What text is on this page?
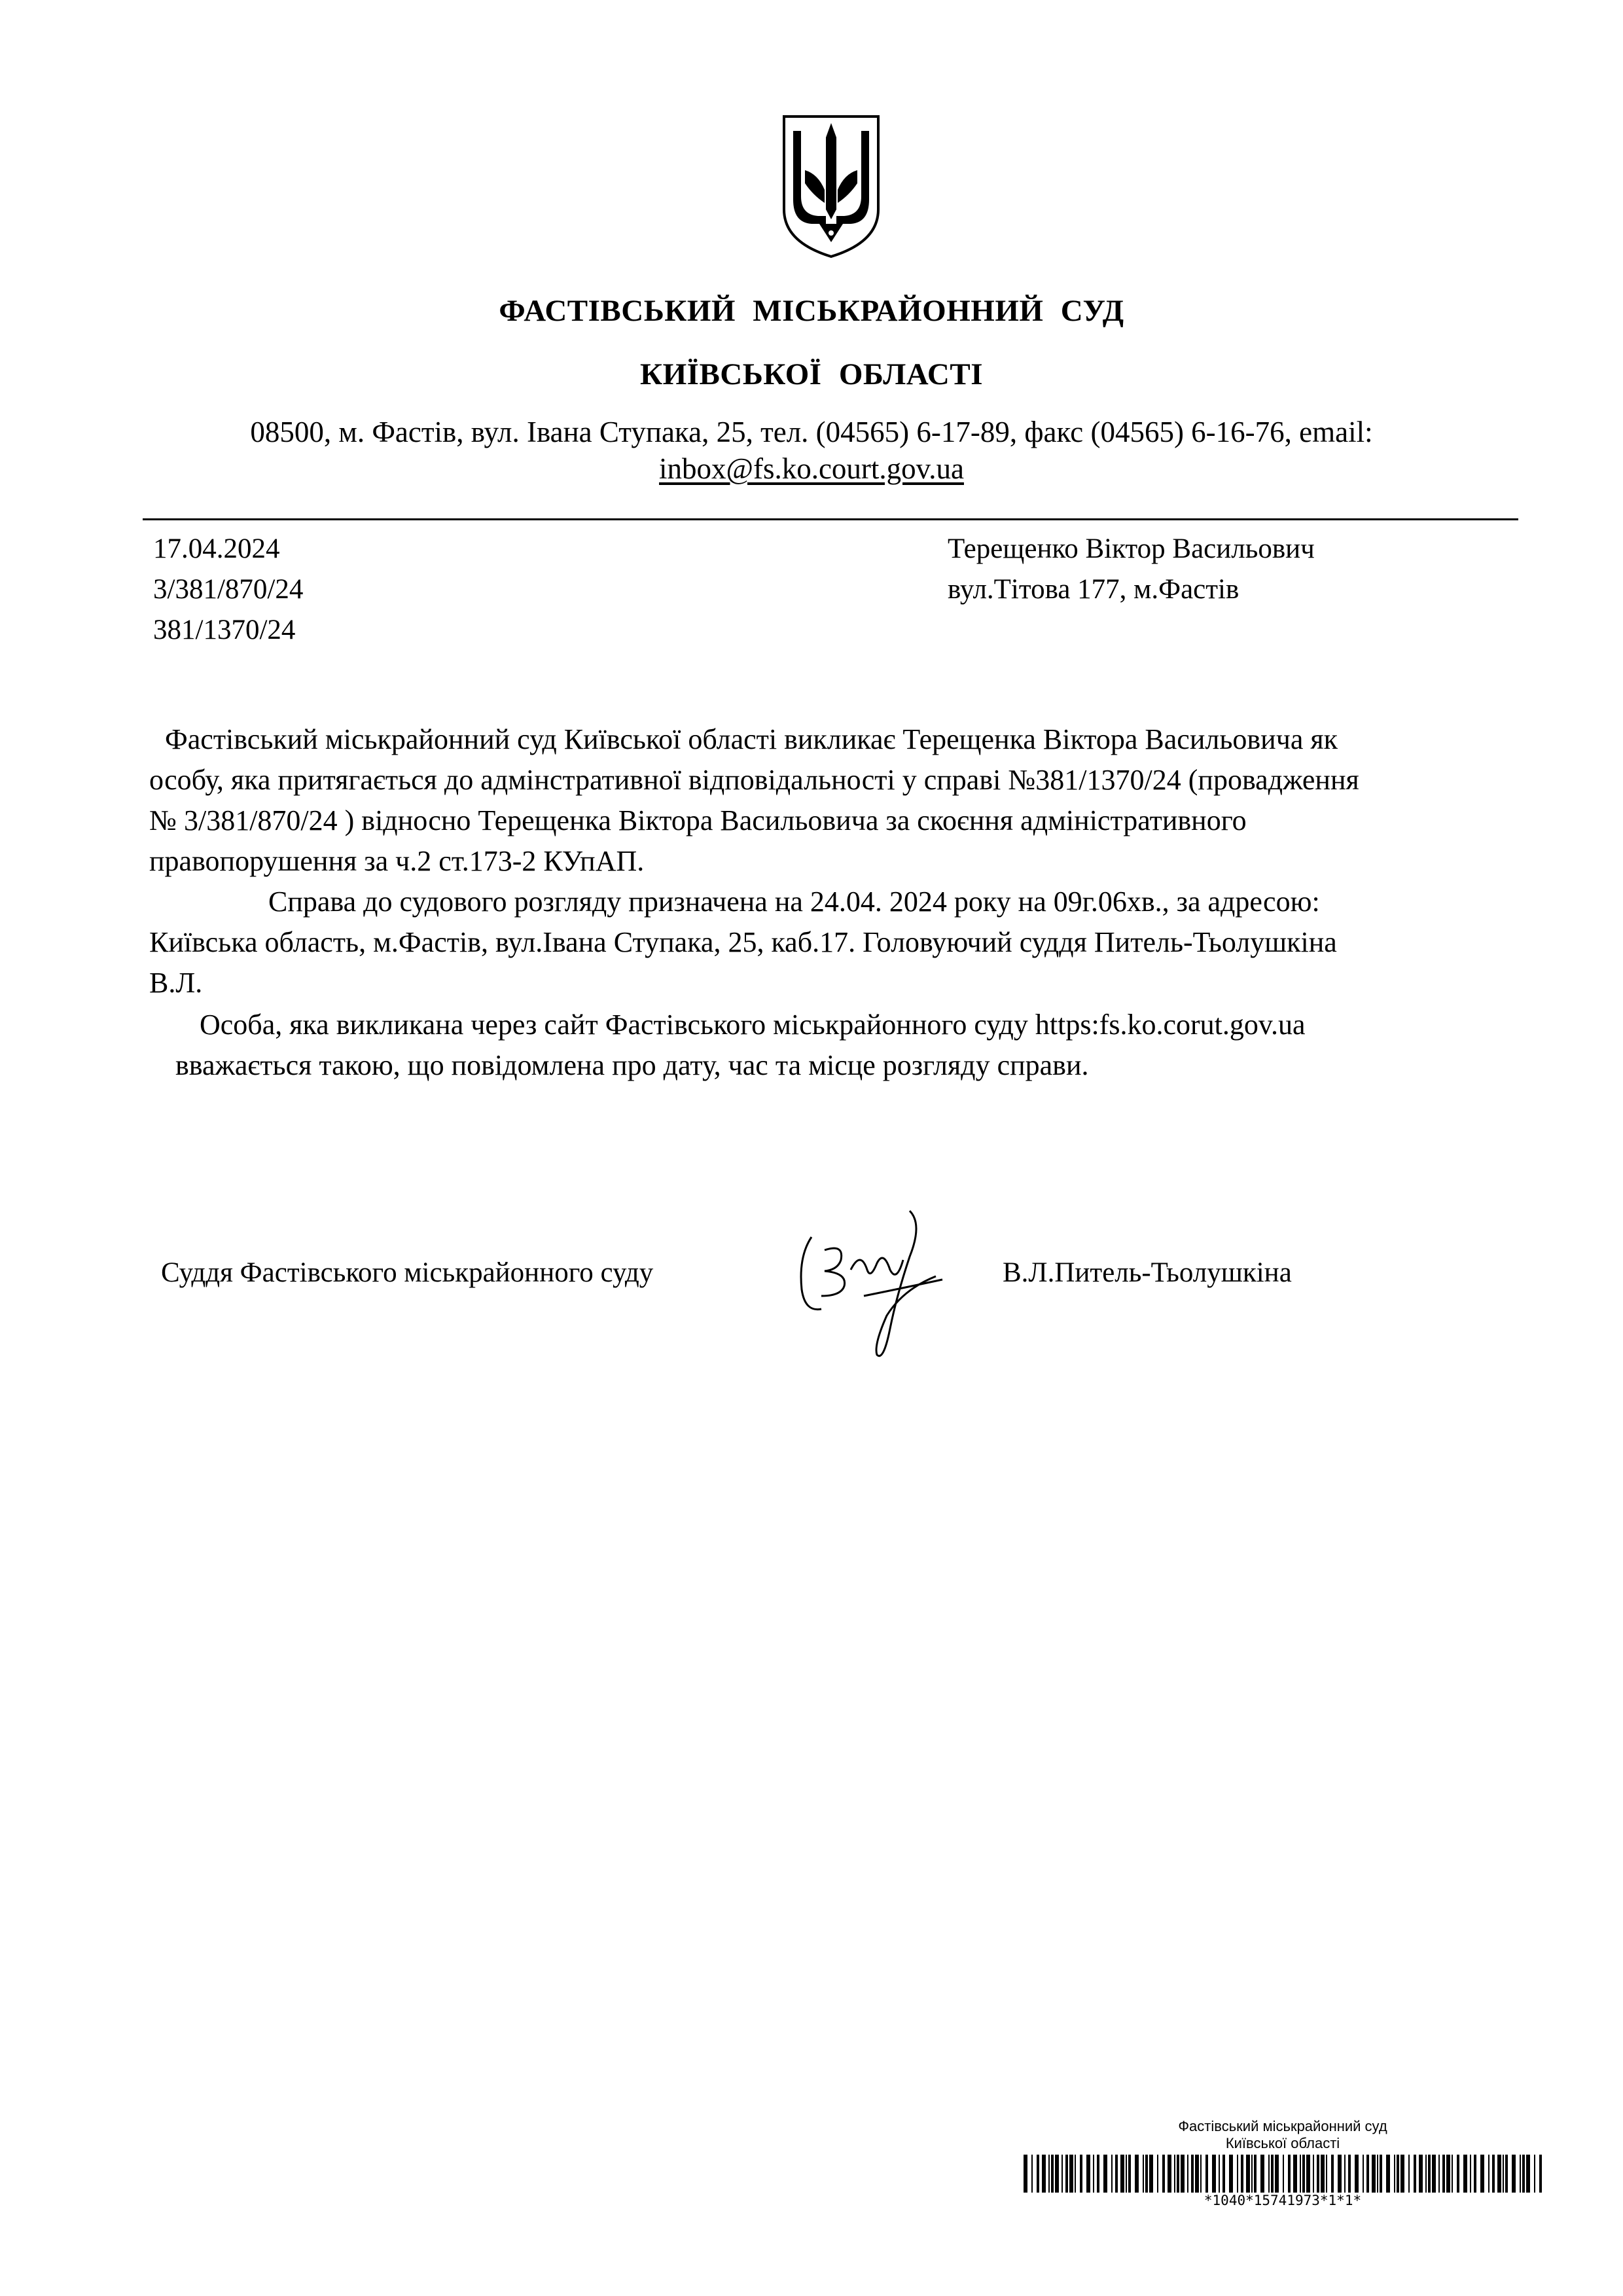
ФАСТІВСЬКИЙ МІСЬКРАЙОННИЙ СУД
КИЇВСЬКОЇ ОБЛАСТІ
08500, м. Фастів, вул. Івана Ступака, 25, тел. (04565) 6-17-89, факс (04565) 6-16-76, email:
inbox@fs.ko.court.gov.ua
17.04.2024
3/381/870/24
381/1370/24
Терещенко Віктор Васильович
вул.Тітова 177, м.Фастів
Фастівський міськрайонний суд Київської області викликає Терещенка Віктора Васильовича як
особу, яка притягається до адмінстративної відповідальності у справі №381/1370/24 (провадження
№ 3/381/870/24 ) відносно Терещенка Віктора Васильовича за скоєння адміністративного
правопорушення за ч.2 ст.173-2 КУпАП.
Справа до судового розгляду призначена на 24.04. 2024 року на 09г.06хв., за адресою:
Київська область, м.Фастів, вул.Івана Ступака, 25, каб.17. Головуючий суддя Питель-Тьолушкіна
В.Л.
Особа, яка викликана через сайт Фастівського міськрайонного суду https:fs.ko.corut.gov.ua
вважається такою, що повідомлена про дату, час та місце розгляду справи.
Суддя Фастівського міськрайонного суду	В.Л.Питель-Тьолушкіна
Фастівський міськрайонний суд
Київської області
*1040*15741973*1*1*
